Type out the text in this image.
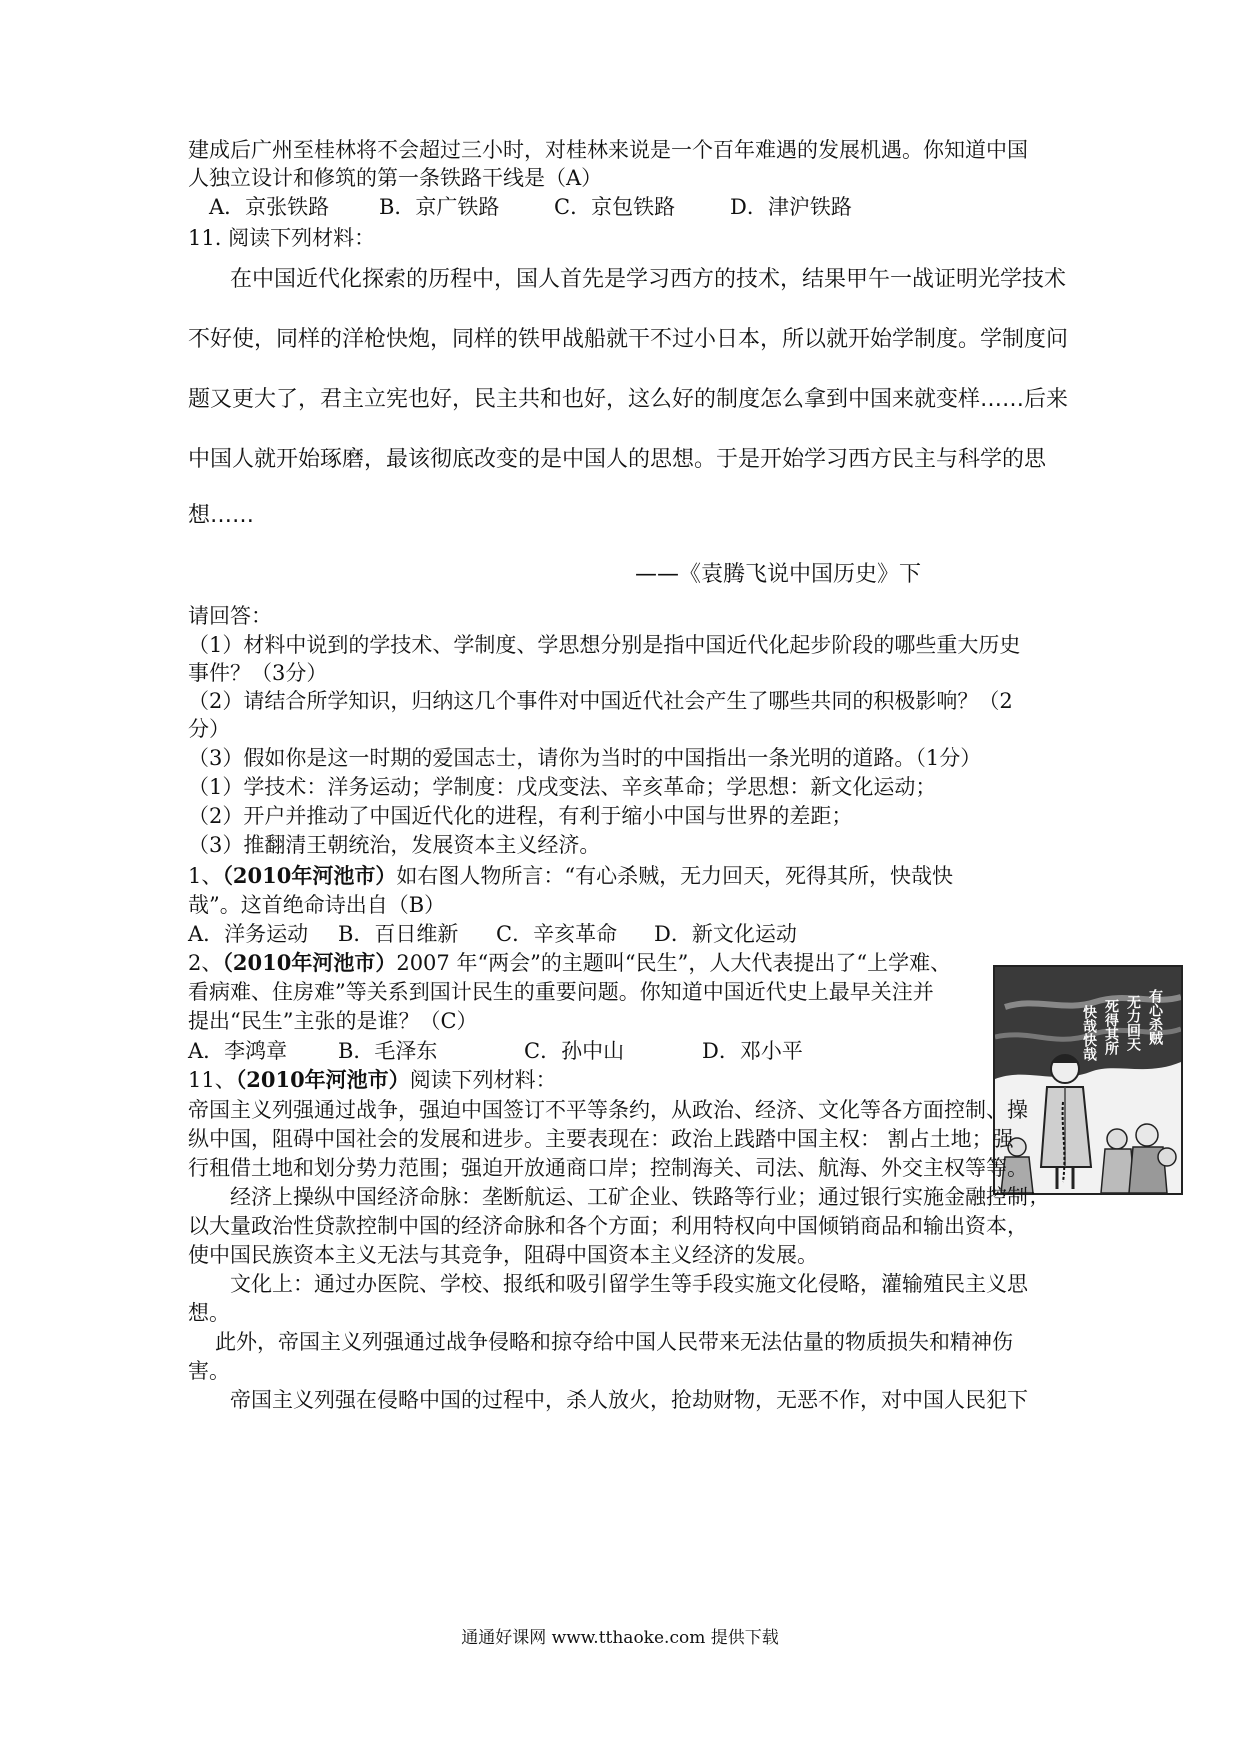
建成后广州至桂林将不会超过三小时，对桂林来说是一个百年难遇的发展机遇。你知道中国
人独立设计和修筑的第一条铁路干线是（A）
A．京张铁路 B．京广铁路	C．京包铁路	D．津沪铁路
11. 阅读下列材料：
在中国近代化探索的历程中，国人首先是学习西方的技术，结果甲午一战证明光学技术
不好使，同样的洋枪快炮，同样的铁甲战船就干不过小日本，所以就开始学制度。学制度问
题又更大了，君主立宪也好，民主共和也好，这么好的制度怎么拿到中国来就变样……后来
中国人就开始琢磨，最该彻底改变的是中国人的思想。于是开始学习西方民主与科学的思
想……
——《袁腾飞说中国历史》下
请回答：
（1）材料中说到的学技术、学制度、学思想分别是指中国近代化起步阶段的哪些重大历史
事件？（3分）
（2）请结合所学知识，归纳这几个事件对中国近代社会产生了哪些共同的积极影响？（2
分）
（3）假如你是这一时期的爱国志士，请你为当时的中国指出一条光明的道路。（1分）
（1）学技术：洋务运动；学制度：戊戌变法、辛亥革命；学思想：新文化运动；
（2）开户并推动了中国近代化的进程，有利于缩小中国与世界的差距；
（3）推翻清王朝统治，发展资本主义经济。
1、（2010年河池市）如右图人物所言：“有心杀贼，无力回天，死得其所，快哉快
哉”。这首绝命诗出自（B）
A．洋务运动 B．百日维新 C．辛亥革命 D．新文化运动
2、（2010年河池市）2007 年“两会”的主题叫“民生”，人大代表提出了“上学难、
看病难、住房难”等关系到国计民生的重要问题。你知道中国近代史上最早关注并
提出“民生”主张的是谁？（C）
A．李鸿章 B．毛泽东	C．孙中山	D．邓小平
有心杀贼
无力回天
死得其所
快哉快哉
11、（2010年河池市）阅读下列材料：
帝国主义列强通过战争，强迫中国签订不平等条约，从政治、经济、文化等各方面控制、操
纵中国，阻碍中国社会的发展和进步。主要表现在：政治上践踏中国主权： 割占土地；强
行租借土地和划分势力范围；强迫开放通商口岸；控制海关、司法、航海、外交主权等等。
经济上操纵中国经济命脉：垄断航运、工矿企业、铁路等行业；通过银行实施金融控制；
以大量政治性贷款控制中国的经济命脉和各个方面；利用特权向中国倾销商品和输出资本，
使中国民族资本主义无法与其竞争，阻碍中国资本主义经济的发展。
文化上：通过办医院、学校、报纸和吸引留学生等手段实施文化侵略，灌输殖民主义思
想。
此外，帝国主义列强通过战争侵略和掠夺给中国人民带来无法估量的物质损失和精神伤
害。
帝国主义列强在侵略中国的过程中，杀人放火，抢劫财物，无恶不作，对中国人民犯下
通通好课网 www.tthaoke.com 提供下载
